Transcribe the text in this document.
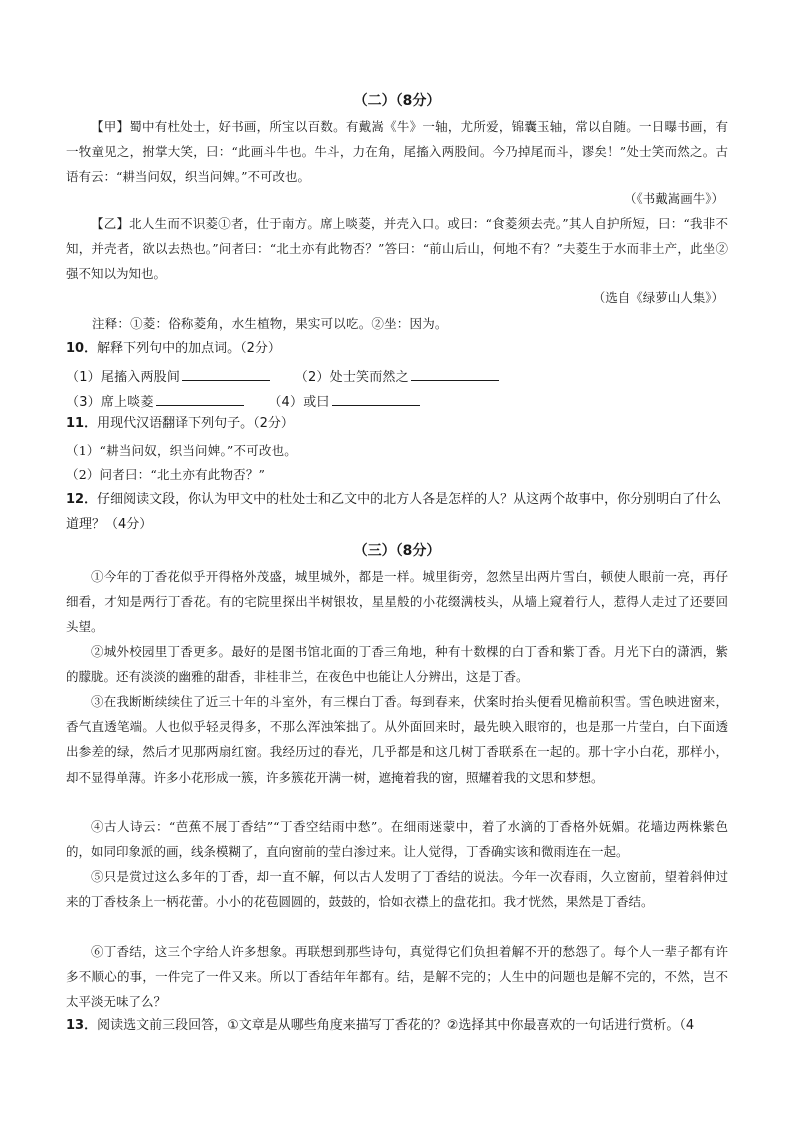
（二）（8分）
【甲】蜀中有杜处士，好书画，所宝以百数。有戴嵩《牛》一轴，尤所爱，锦囊玉轴，常以自随。一日曝书画，有一牧童见之，拊掌大笑，曰：“此画斗牛也。牛斗，力在角，尾搐入两股间。今乃掉尾而斗，谬矣！”处士笑而然之。古语有云：“耕当问奴，织当问婢。”不可改也。
（《书戴嵩画牛》）
【乙】北人生而不识菱①者，仕于南方。席上啖菱，并壳入口。或曰：“食菱须去壳。”其人自护所短，曰：“我非不知，并壳者，欲以去热也。”问者曰：“北土亦有此物否？”答曰：“前山后山，何地不有？”夫菱生于水而非土产，此坐②强不知以为知也。
（选自《绿萝山人集》）
注释：①菱：俗称菱角，水生植物，果实可以吃。②坐：因为。
10．解释下列句中的加点词。（2分）
（1）尾搐入两股间	（2）处士笑而然之
（3）席上啖菱	（4）或曰
11．用现代汉语翻译下列句子。（2分）
（1）“耕当问奴，织当问婢。”不可改也。
（2）问者曰：“北土亦有此物否？”
12．仔细阅读文段，你认为甲文中的杜处士和乙文中的北方人各是怎样的人？从这两个故事中，你分别明白了什么道理？（4分）
（三）（8分）
①今年的丁香花似乎开得格外茂盛，城里城外，都是一样。城里街旁，忽然呈出两片雪白，顿使人眼前一亮，再仔细看，才知是两行丁香花。有的宅院里探出半树银妆，星星般的小花缀满枝头，从墙上窥着行人，惹得人走过了还要回头望。
②城外校园里丁香更多。最好的是图书馆北面的丁香三角地，种有十数棵的白丁香和紫丁香。月光下白的潇洒，紫的朦胧。还有淡淡的幽雅的甜香，非桂非兰，在夜色中也能让人分辨出，这是丁香。
③在我断断续续住了近三十年的斗室外，有三棵白丁香。每到春来，伏案时抬头便看见檐前积雪。雪色映进窗来，香气直透笔端。人也似乎轻灵得多，不那么浑浊笨拙了。从外面回来时，最先映入眼帘的，也是那一片莹白，白下面透出参差的绿，然后才见那两扇红窗。我经历过的春光，几乎都是和这几树丁香联系在一起的。那十字小白花，那样小，却不显得单薄。许多小花形成一簇，许多簇花开满一树，遮掩着我的窗，照耀着我的文思和梦想。
④古人诗云：“芭蕉不展丁香结”“丁香空结雨中愁”。在细雨迷蒙中，着了水滴的丁香格外妩媚。花墙边两株紫色的，如同印象派的画，线条模糊了，直向窗前的莹白渗过来。让人觉得，丁香确实该和微雨连在一起。
⑤只是赏过这么多年的丁香，却一直不解，何以古人发明了丁香结的说法。今年一次春雨，久立窗前，望着斜伸过来的丁香枝条上一柄花蕾。小小的花苞圆圆的，鼓鼓的，恰如衣襟上的盘花扣。我才恍然，果然是丁香结。
⑥丁香结，这三个字给人许多想象。再联想到那些诗句，真觉得它们负担着解不开的愁怨了。每个人一辈子都有许多不顺心的事，一件完了一件又来。所以丁香结年年都有。结，是解不完的；人生中的问题也是解不完的，不然，岂不太平淡无味了么？
13．阅读选文前三段回答，①文章是从哪些角度来描写丁香花的？②选择其中你最喜欢的一句话进行赏析。（4
